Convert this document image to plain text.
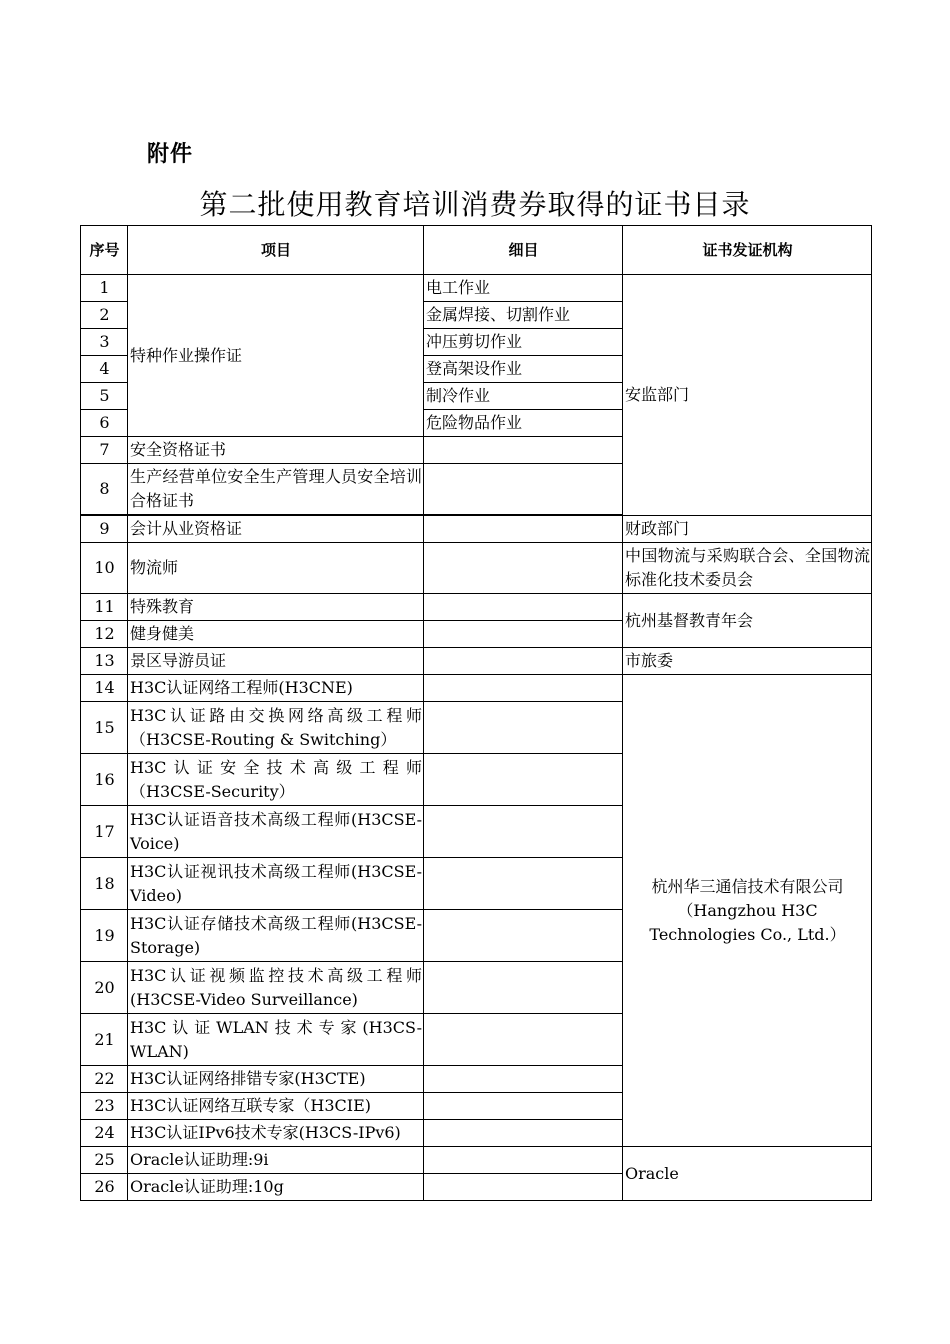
附件
第二批使用教育培训消费券取得的证书目录
序号	项目	细目	证书发证机构
1	特种作业操作证	电工作业	安监部门
2		金属焊接、切割作业	
3		冲压剪切作业	
4		登高架设作业	
5		制冷作业	
6		危险物品作业	
7	安全资格证书		
8	生产经营单位安全生产管理人员安全培训合格证书		

9	会计从业资格证		财政部门
10	物流师		中国物流与采购联合会、全国物流标准化技术委员会
11	特殊教育		杭州基督教青年会
12	健身健美		
13	景区导游员证		市旅委
14	H3C认证网络工程师(H3CNE)		杭州华三通信技术有限公司
（Hangzhou H3C Technologies Co., Ltd.）

15	H3C认证路由交换网络高级工程师（H3CSE-Routing & Switching）		
16	H3C认证安全技术高级工程师（H3CSE-Security）		
17	H3C认证语音技术高级工程师(H3CSE-Voice)		
18	H3C认证视讯技术高级工程师(H3CSE-Video)		
19	H3C认证存储技术高级工程师(H3CSE-Storage)		
20	H3C认证视频监控技术高级工程师(H3CSE-Video Surveillance)		
21	H3C认证WLAN技术专家(H3CS-WLAN)		
22	H3C认证网络排错专家(H3CTE)		
23	H3C认证网络互联专家（H3CIE)		
24	H3C认证IPv6技术专家(H3CS-IPv6)		
25	Oracle认证助理:9i		Oracle
26	Oracle认证助理:10g		
